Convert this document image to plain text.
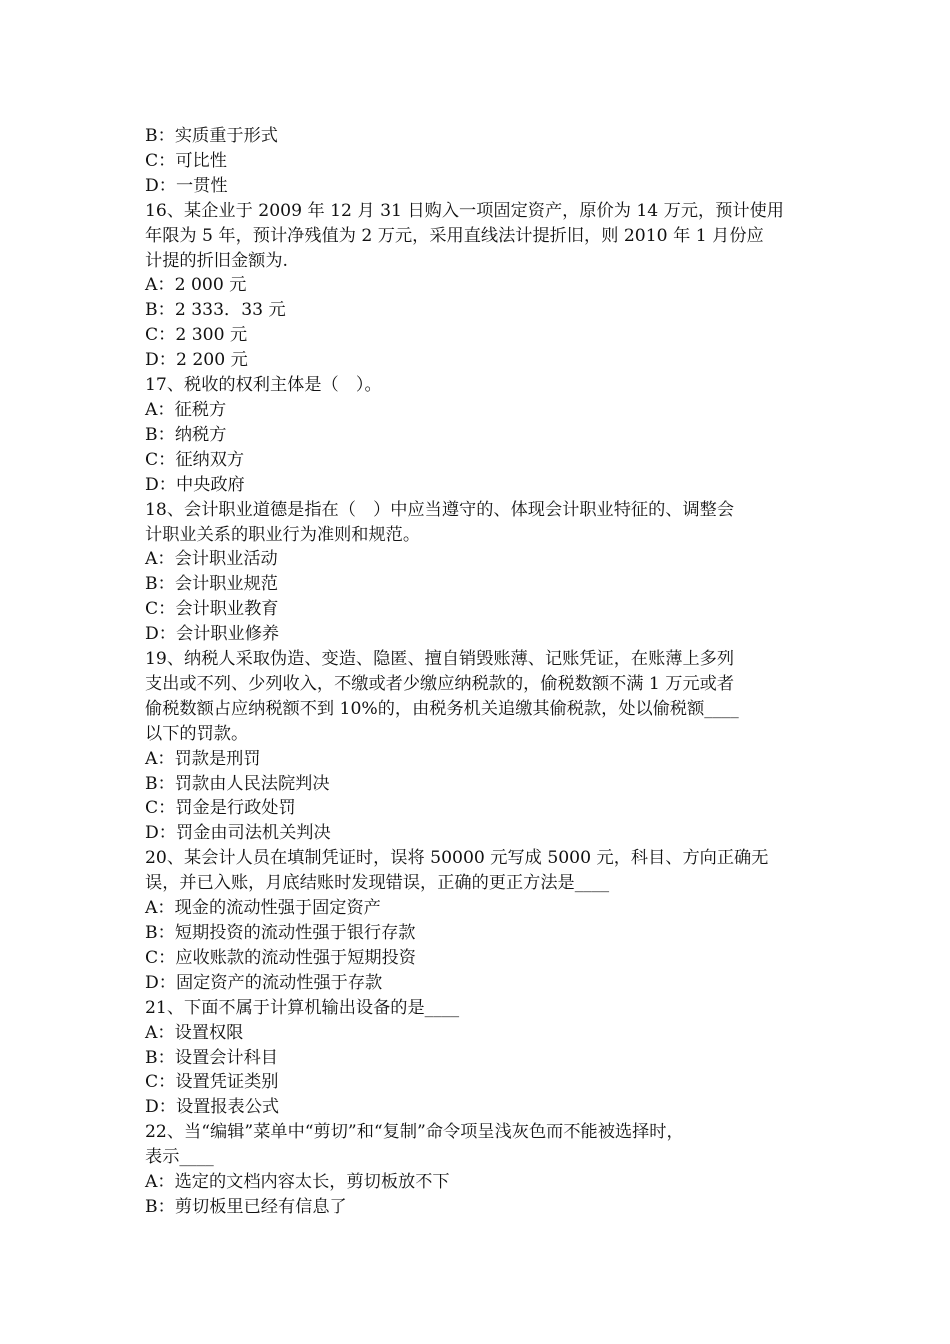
B：实质重于形式
C：可比性
D：一贯性
16、某企业于 2009 年 12 月 31 日购入一项固定资产，原价为 14 万元，预计使用
年限为 5 年，预计净残值为 2 万元，采用直线法计提折旧，则 2010 年 1 月份应
计提的折旧金额为.
A：2 000 元
B：2 333．33 元
C：2 300 元
D：2 200 元
17、税收的权利主体是（　）。
A：征税方
B：纳税方
C：征纳双方
D：中央政府
18、会计职业道德是指在（　）中应当遵守的、体现会计职业特征的、调整会
计职业关系的职业行为准则和规范。
A：会计职业活动
B：会计职业规范
C：会计职业教育
D：会计职业修养
19、纳税人采取伪造、变造、隐匿、擅自销毁账薄、记账凭证，在账薄上多列
支出或不列、少列收入，不缴或者少缴应纳税款的，偷税数额不满 1 万元或者
偷税数额占应纳税额不到 10%的，由税务机关追缴其偷税款，处以偷税额____
以下的罚款。
A：罚款是刑罚
B：罚款由人民法院判决
C：罚金是行政处罚
D：罚金由司法机关判决
20、某会计人员在填制凭证时，误将 50000 元写成 5000 元，科目、方向正确无
误，并已入账，月底结账时发现错误，正确的更正方法是____
A：现金的流动性强于固定资产
B：短期投资的流动性强于银行存款
C：应收账款的流动性强于短期投资
D：固定资产的流动性强于存款
21、下面不属于计算机输出设备的是____
A：设置权限
B：设置会计科目
C：设置凭证类别
D：设置报表公式
22、当“编辑”菜单中“剪切”和“复制”命令项呈浅灰色而不能被选择时，
表示____
A：选定的文档内容太长，剪切板放不下
B：剪切板里已经有信息了
